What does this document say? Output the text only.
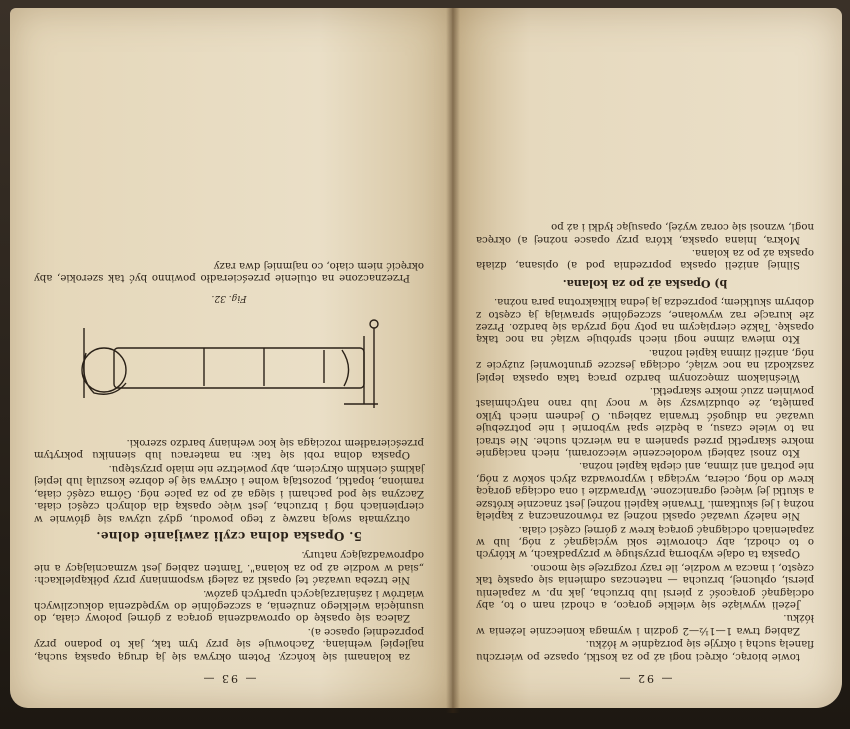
— 93 —

za kolanami się kończy. Potem okrywa się ją drugą opaską suchą, najlepiej wełnianą. Zachowuje się przy tym tak, jak to podano przy poprzedniej opasce a).

Zaleca się opaskę do oprowadzenia gorąca z górnej połowy ciała, do usunięcia wielkiego znużenia, a szczególnie do wypędzenia dokuczliwych wiatrów i zaśniarzających upartych gazów.

Nie trzeba uważać tej opaski za zaległ wspomniany przy półkąpielkach: „siad w wodzie aż po za kolana". Tamten zabieg jest wzmacniający a nie odprowadzający natury.

5. Opaska dolna czyli zawijanie dolne.

otrzymała swoją nazwę z tego powodu, gdyż używa się głównie w cierpieniach nóg i brzucha, jest więc opaską dla dolnych części ciała. Zaczyna się pod pachami i sięga aż po za palce nóg. Górna część ciała, ramiona, łopatki, pozostają wolne i okrywa się je dobrze koszulą lub lepiej jakimś cienkim okryciem, aby powietrze nie miało przystępu.

Opaska dolna robi się tak: na materacu lub sienniku pokrytym prześcieradłem rozciąga się koc wełniany bardzo szeroki.

Fig. 32.

Przeznaczone na otulenie prześcieradło powinno być tak szerokie, aby okręcić niem ciało, co najmniej dwa razy

— 92 —

towie biorąc, okręci nogi aż po za kostki, opasze po wierzchu flanelą suchą i okryje się porządnie w łóżku.

Zabieg trwa 1—1½—2 godzin i wymaga koniecznie leżenia w łóżku.

Jeżeli wywiąże się wielkie gorąco, a chodzi nam o to, aby odciągnąć gorącość z piersi lub brzucha, jak np. w zapaleniu piersi, opłucnej, brzucha — natenczas odmienia się opaskę tak często, i macza w wodzie, ile razy rozgrzeje się mocno.

Opaska ta odaje wyborną przysługę w przypadkach, w których o to chodzi, aby chorowite soki wyciągnąć z nóg, lub w zapaleniach odciągnąć gorącą krew z górnej części ciała.

Nie należy uważać opaski nożnej za równoznaczną z kąpielą nożną i jej skutkami. Trwanie kąpieli nożnej jest znacznie krótsze a skutki jej więcej ograniczone. Wprawdzie i ona odciąga gorącą krew do nóg, ociera, wyciąga i wyprowadza złych soków z nóg, nie potrafi ani zimna, ani ciepła kąpiel nożna.

Kto znosi zabiegi wodoleczenie wieczorami, niech naciągnie mokre skarpetki przed spaniem a na wierzch suche. Nie straci na to wiele czasu, a będzie spał wybornie i nie potrzebuje uważać na długość trwania zabiegu. O jednem niech tylko pamięta, że obudziwszy się w nocy lub rano natychmiast powinien zzuć mokre skarpetki.

Wieśniakom zmęczonym bardzo pracą taka opaska lepiej zaszkodzi na noc wziąć, odciąga jeszcze gruntowniej zużycie z nóg, aniżeli zimna kąpiel nożna.

Kto miewa zimne nogi niech spróbuje wziąć na noc taką opaskę. Także cierpiącym na poty nóg przyda się bardzo. Przez złe kuracje raz wywołane, szczególnie sprawiają ją często z dobrym skutkiem; poprzedza ją jedna kilkakrotna para nożna.

b) Opaska aż po za kolana.

Silniej aniżeli opaska poprzednia pod a) opisana, działa opaska aż po za kolana.

Mokra, lniana opaska, która przy opasce nożnej a) okręca nogi, wznosi się coraz wyżej, opasując łydki i aż po
